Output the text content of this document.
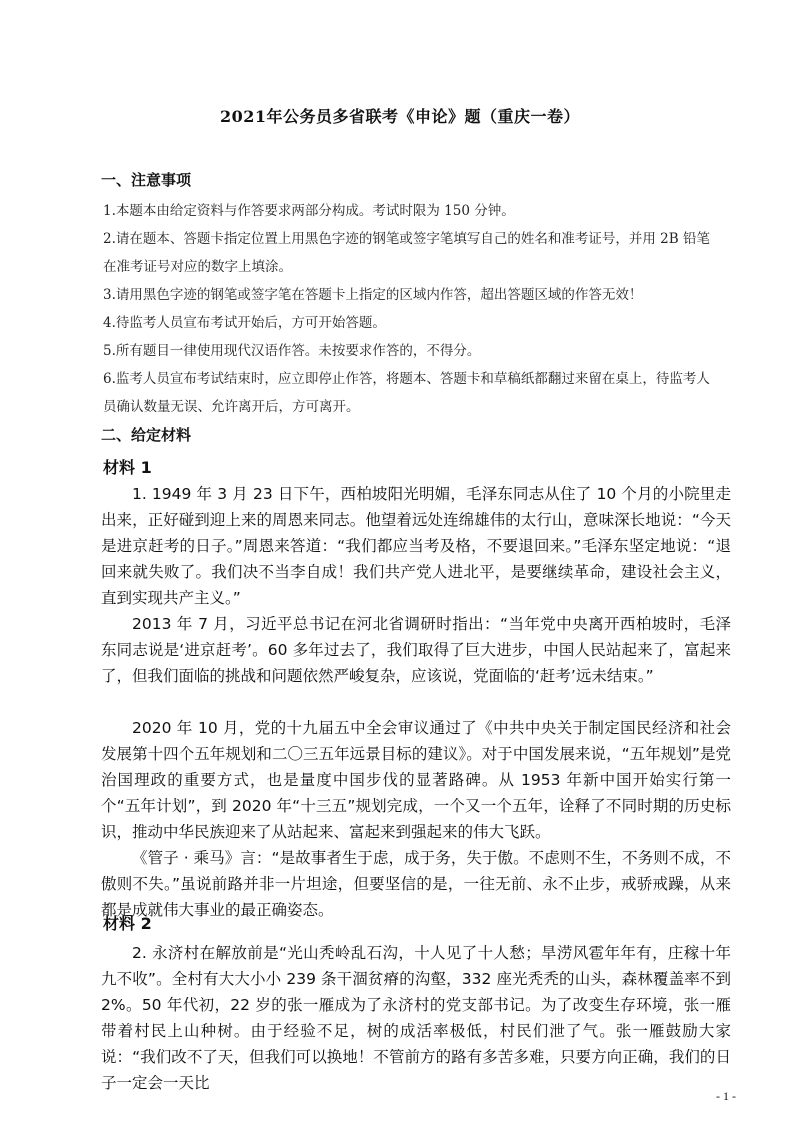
2021年公务员多省联考《申论》题（重庆一卷）
一、注意事项
1.本题本由给定资料与作答要求两部分构成。考试时限为 150 分钟。
2.请在题本、答题卡指定位置上用黑色字迹的钢笔或签字笔填写自己的姓名和准考证号，并用 2B 铅笔在准考证号对应的数字上填涂。
3.请用黑色字迹的钢笔或签字笔在答题卡上指定的区域内作答，超出答题区域的作答无效！
4.待监考人员宣布考试开始后，方可开始答题。
5.所有题目一律使用现代汉语作答。未按要求作答的，不得分。
6.监考人员宣布考试结束时，应立即停止作答，将题本、答题卡和草稿纸都翻过来留在桌上，待监考人员确认数量无误、允许离开后，方可离开。
二、给定材料
材料 1
1. 1949 年 3 月 23 日下午，西柏坡阳光明媚，毛泽东同志从住了 10 个月的小院里走出来，正好碰到迎上来的周恩来同志。他望着远处连绵雄伟的太行山，意味深长地说：“今天是进京赶考的日子。”周恩来答道：“我们都应当考及格，不要退回来。”毛泽东坚定地说：“退回来就失败了。我们决不当李自成！我们共产党人进北平，是要继续革命，建设社会主义，直到实现共产主义。”
2013 年 7 月，习近平总书记在河北省调研时指出：“当年党中央离开西柏坡时，毛泽东同志说是‘进京赶考’。60 多年过去了，我们取得了巨大进步，中国人民站起来了，富起来了，但我们面临的挑战和问题依然严峻复杂，应该说，党面临的‘赶考’远未结束。”
2020 年 10 月，党的十九届五中全会审议通过了《中共中央关于制定国民经济和社会发展第十四个五年规划和二〇三五年远景目标的建议》。对于中国发展来说，“五年规划”是党治国理政的重要方式，也是量度中国步伐的显著路碑。从 1953 年新中国开始实行第一个“五年计划”，到 2020 年“十三五”规划完成，一个又一个五年，诠释了不同时期的历史标识，推动中华民族迎来了从站起来、富起来到强起来的伟大飞跃。
《管子 · 乘马》言：“是故事者生于虑，成于务，失于傲。不虑则不生，不务则不成，不傲则不失。”虽说前路并非一片坦途，但要坚信的是，一往无前、永不止步，戒骄戒躁，从来都是成就伟大事业的最正确姿态。
材料 2
2. 永济村在解放前是“光山秃岭乱石沟，十人见了十人愁；旱涝风雹年年有，庄稼十年九不收”。全村有大大小小 239 条干涸贫瘠的沟壑，332 座光秃秃的山头，森林覆盖率不到 2%。50 年代初，22 岁的张一雁成为了永济村的党支部书记。为了改变生存环境，张一雁带着村民上山种树。由于经验不足，树的成活率极低，村民们泄了气。张一雁鼓励大家说：“我们改不了天，但我们可以换地！不管前方的路有多苦多难，只要方向正确，我们的日子一定会一天比
- 1 -
